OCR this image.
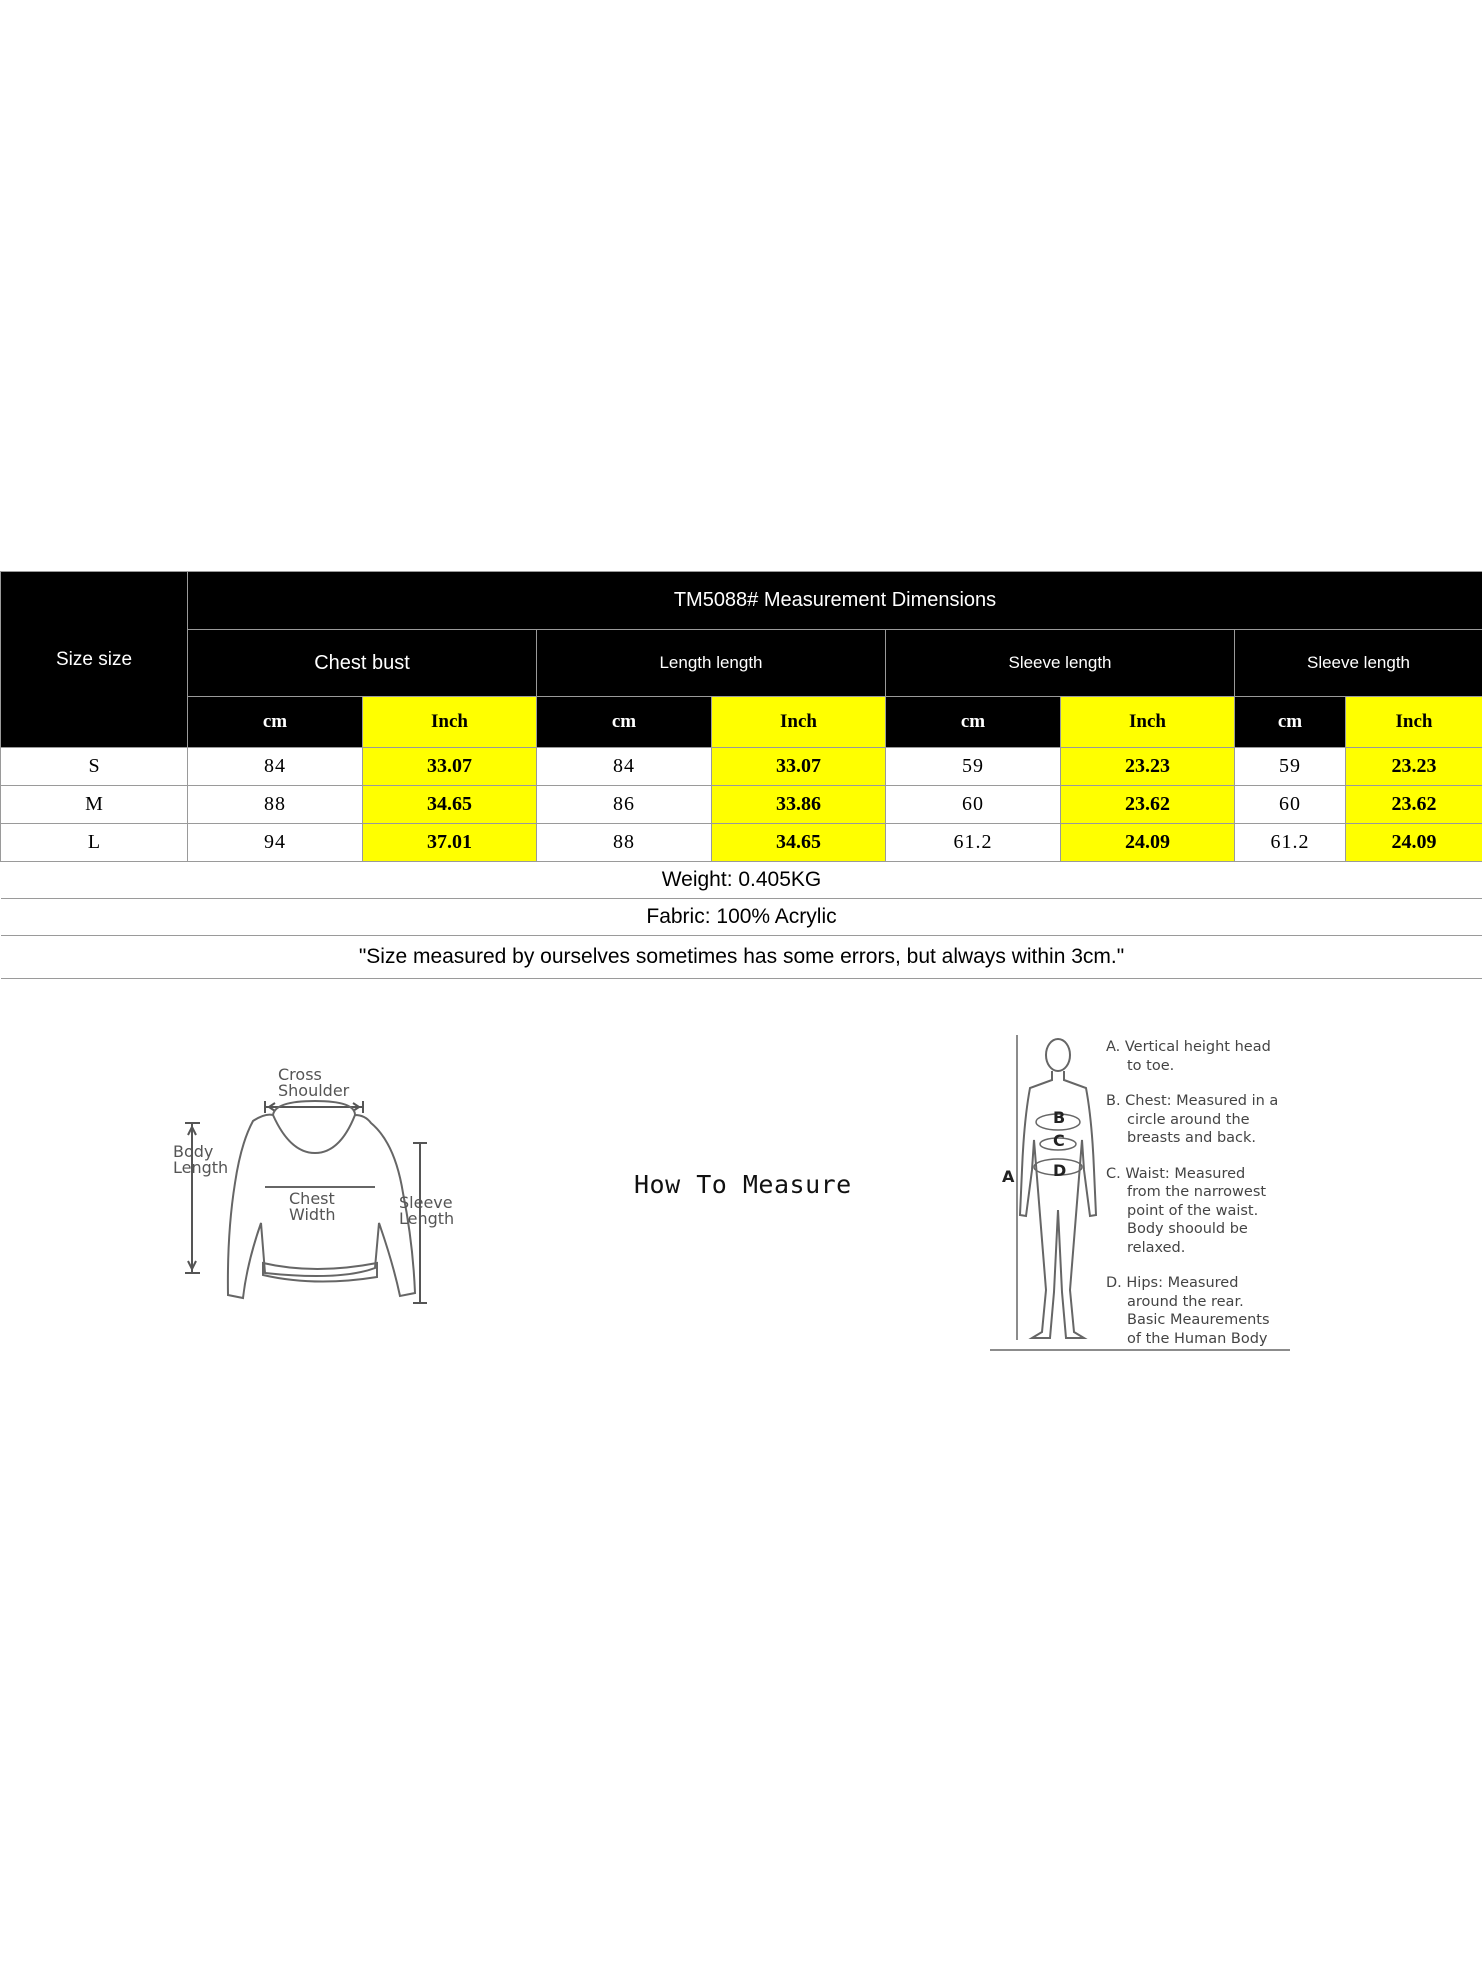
Size size	TM5088# Measurement Dimensions							
	Chest bust		Length length		Sleeve length		Sleeve length	
	cm	Inch	cm	Inch	cm	Inch	cm	Inch
S	84	33.07	84	33.07	59	23.23	59	23.23
M	88	34.65	86	33.86	60	23.62	60	23.62
L	94	37.01	88	34.65	61.2	24.09	61.2	24.09
Weight: 0.405KG								
Fabric: 100% Acrylic								
"Size measured by ourselves sometimes has some errors, but always within 3cm."								
Cross
Shoulder
Body
Length
Chest
Width
Sleeve
Length
How To Measure	A
B
C
D
A. Vertical height head

to toe.
B. Chest: Measured in a

circle around the
breasts and back.
C. Waist: Measured

from the narrowest
point of the waist.
Body shoould be
relaxed.
D. Hips: Measured

around the rear.
Basic Meaurements
of the Human Body
